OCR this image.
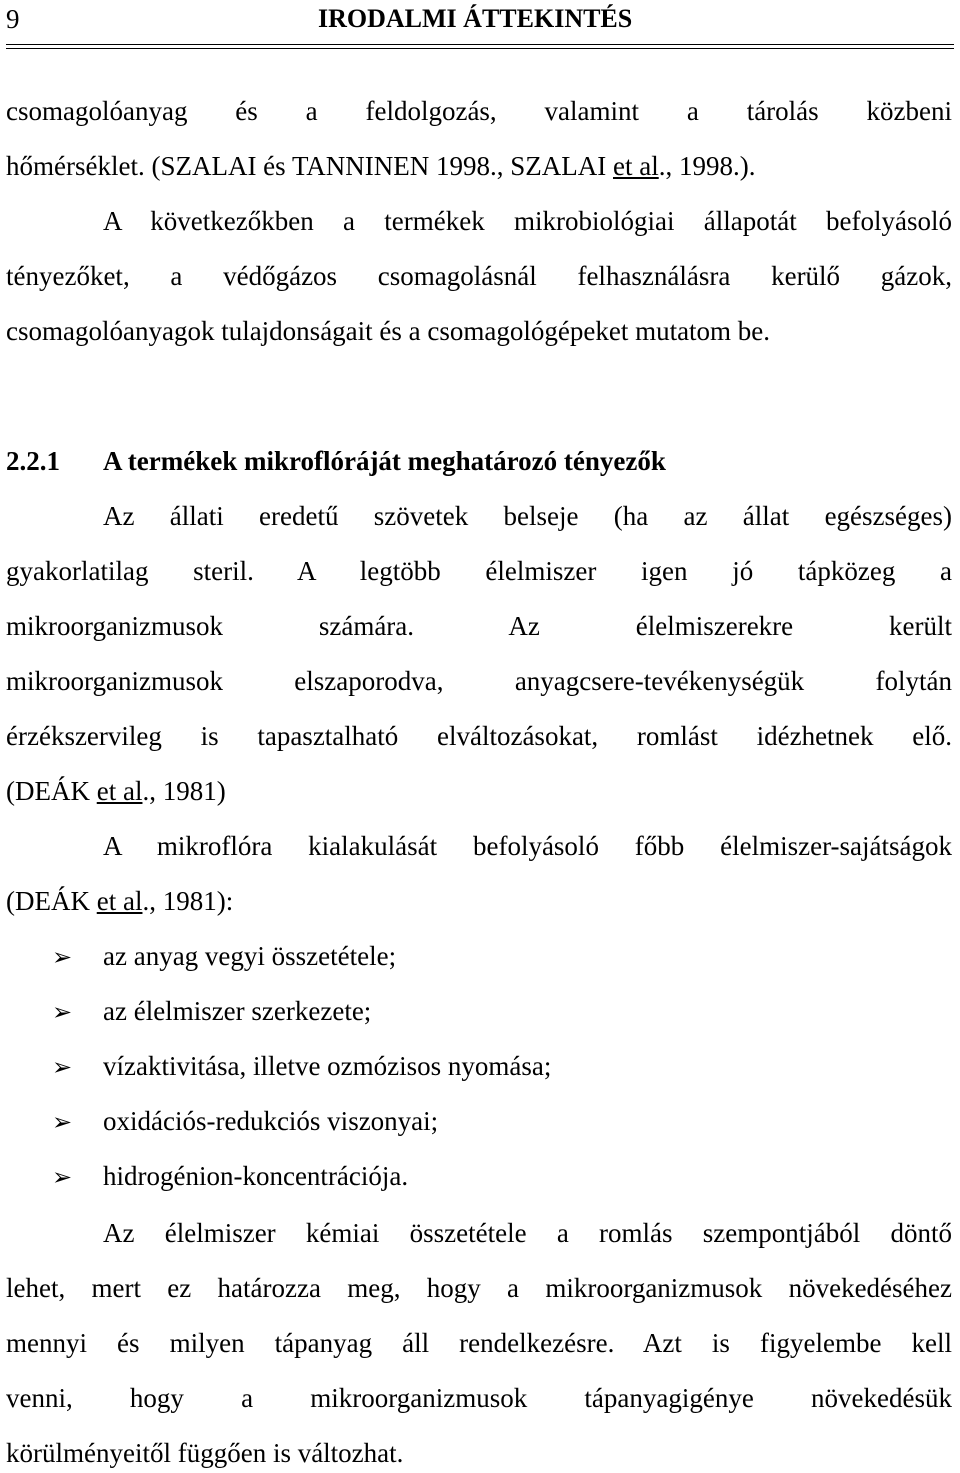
9	IRODALMI ÁTTEKINTÉS
csomagolóanyag és a feldolgozás, valamint a tárolás közbeni
hőmérséklet. (SZALAI és TANNINEN 1998., SZALAI et al., 1998.).
A következőkben a termékek mikrobiológiai állapotát befolyásoló
tényezőket, a védőgázos csomagolásnál felhasználásra kerülő gázok,
csomagolóanyagok tulajdonságait és a csomagológépeket mutatom be.
2.2.1 A termékek mikroflóráját meghatározó tényezők
Az állati eredetű szövetek belseje (ha az állat egészséges)
gyakorlatilag steril. A legtöbb élelmiszer igen jó tápközeg a
mikroorganizmusok számára. Az élelmiszerekre került
mikroorganizmusok elszaporodva, anyagcsere-tevékenységük folytán
érzékszervileg is tapasztalható elváltozásokat, romlást idézhetnek elő.
(DEÁK et al., 1981)
A mikroflóra kialakulását befolyásoló főbb élelmiszer-sajátságok
(DEÁK et al., 1981):
➢ az anyag vegyi összetétele;
➢ az élelmiszer szerkezete;
➢ vízaktivitása, illetve ozmózisos nyomása;
➢ oxidációs-redukciós viszonyai;
➢ hidrogénion-koncentrációja.
Az élelmiszer kémiai összetétele a romlás szempontjából döntő
lehet, mert ez határozza meg, hogy a mikroorganizmusok növekedéséhez
mennyi és milyen tápanyag áll rendelkezésre. Azt is figyelembe kell
venni, hogy a mikroorganizmusok tápanyagigénye növekedésük
körülményeitől függően is változhat.
